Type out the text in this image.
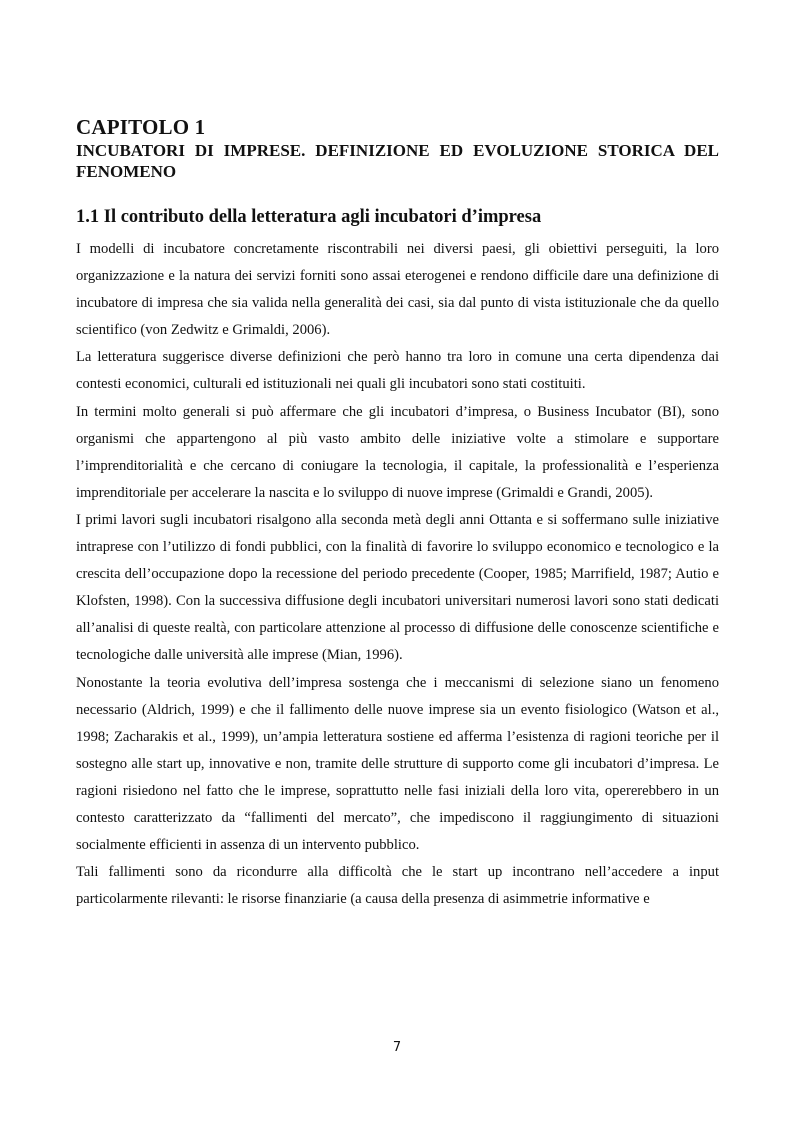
CAPITOLO 1
INCUBATORI DI IMPRESE. DEFINIZIONE ED EVOLUZIONE STORICA DEL FENOMENO
1.1 Il contributo della letteratura agli incubatori d’impresa

I modelli di incubatore concretamente riscontrabili nei diversi paesi, gli obiettivi perseguiti, la loro organizzazione e la natura dei servizi forniti sono assai eterogenei e rendono difficile dare una definizione di incubatore di impresa che sia valida nella generalità dei casi, sia dal punto di vista istituzionale che da quello scientifico (von Zedwitz e Grimaldi, 2006).

La letteratura suggerisce diverse definizioni che però hanno tra loro in comune una certa dipendenza dai contesti economici, culturali ed istituzionali nei quali gli incubatori sono stati costituiti.

In termini molto generali si può affermare che gli incubatori d’impresa, o Business Incubator (BI), sono organismi che appartengono al più vasto ambito delle iniziative volte a stimolare e supportare l’imprenditorialità e che cercano di coniugare la tecnologia, il capitale, la professionalità e l’esperienza imprenditoriale per accelerare la nascita e lo sviluppo di nuove imprese (Grimaldi e Grandi, 2005).

I primi lavori sugli incubatori risalgono alla seconda metà degli anni Ottanta e si soffermano sulle iniziative intraprese con l’utilizzo di fondi pubblici, con la finalità di favorire lo sviluppo economico e tecnologico e la crescita dell’occupazione dopo la recessione del periodo precedente (Cooper, 1985; Marrifield, 1987; Autio e Klofsten, 1998). Con la successiva diffusione degli incubatori universitari numerosi lavori sono stati dedicati all’analisi di queste realtà, con particolare attenzione al processo di diffusione delle conoscenze scientifiche e tecnologiche dalle università alle imprese (Mian, 1996).

Nonostante la teoria evolutiva dell’impresa sostenga che i meccanismi di selezione siano un fenomeno necessario (Aldrich, 1999) e che il fallimento delle nuove imprese sia un evento fisiologico (Watson et al., 1998; Zacharakis et al., 1999), un’ampia letteratura sostiene ed afferma l’esistenza di ragioni teoriche per il sostegno alle start up, innovative e non, tramite delle strutture di supporto come gli incubatori d’impresa. Le ragioni risiedono nel fatto che le imprese, soprattutto nelle fasi iniziali della loro vita, opererebbero in un contesto caratterizzato da “fallimenti del mercato”, che impediscono il raggiungimento di situazioni socialmente efficienti in assenza di un intervento pubblico.

Tali fallimenti sono da ricondurre alla difficoltà che le start up incontrano nell’accedere a input particolarmente rilevanti: le risorse finanziarie (a causa della presenza di asimmetrie informative e

7
